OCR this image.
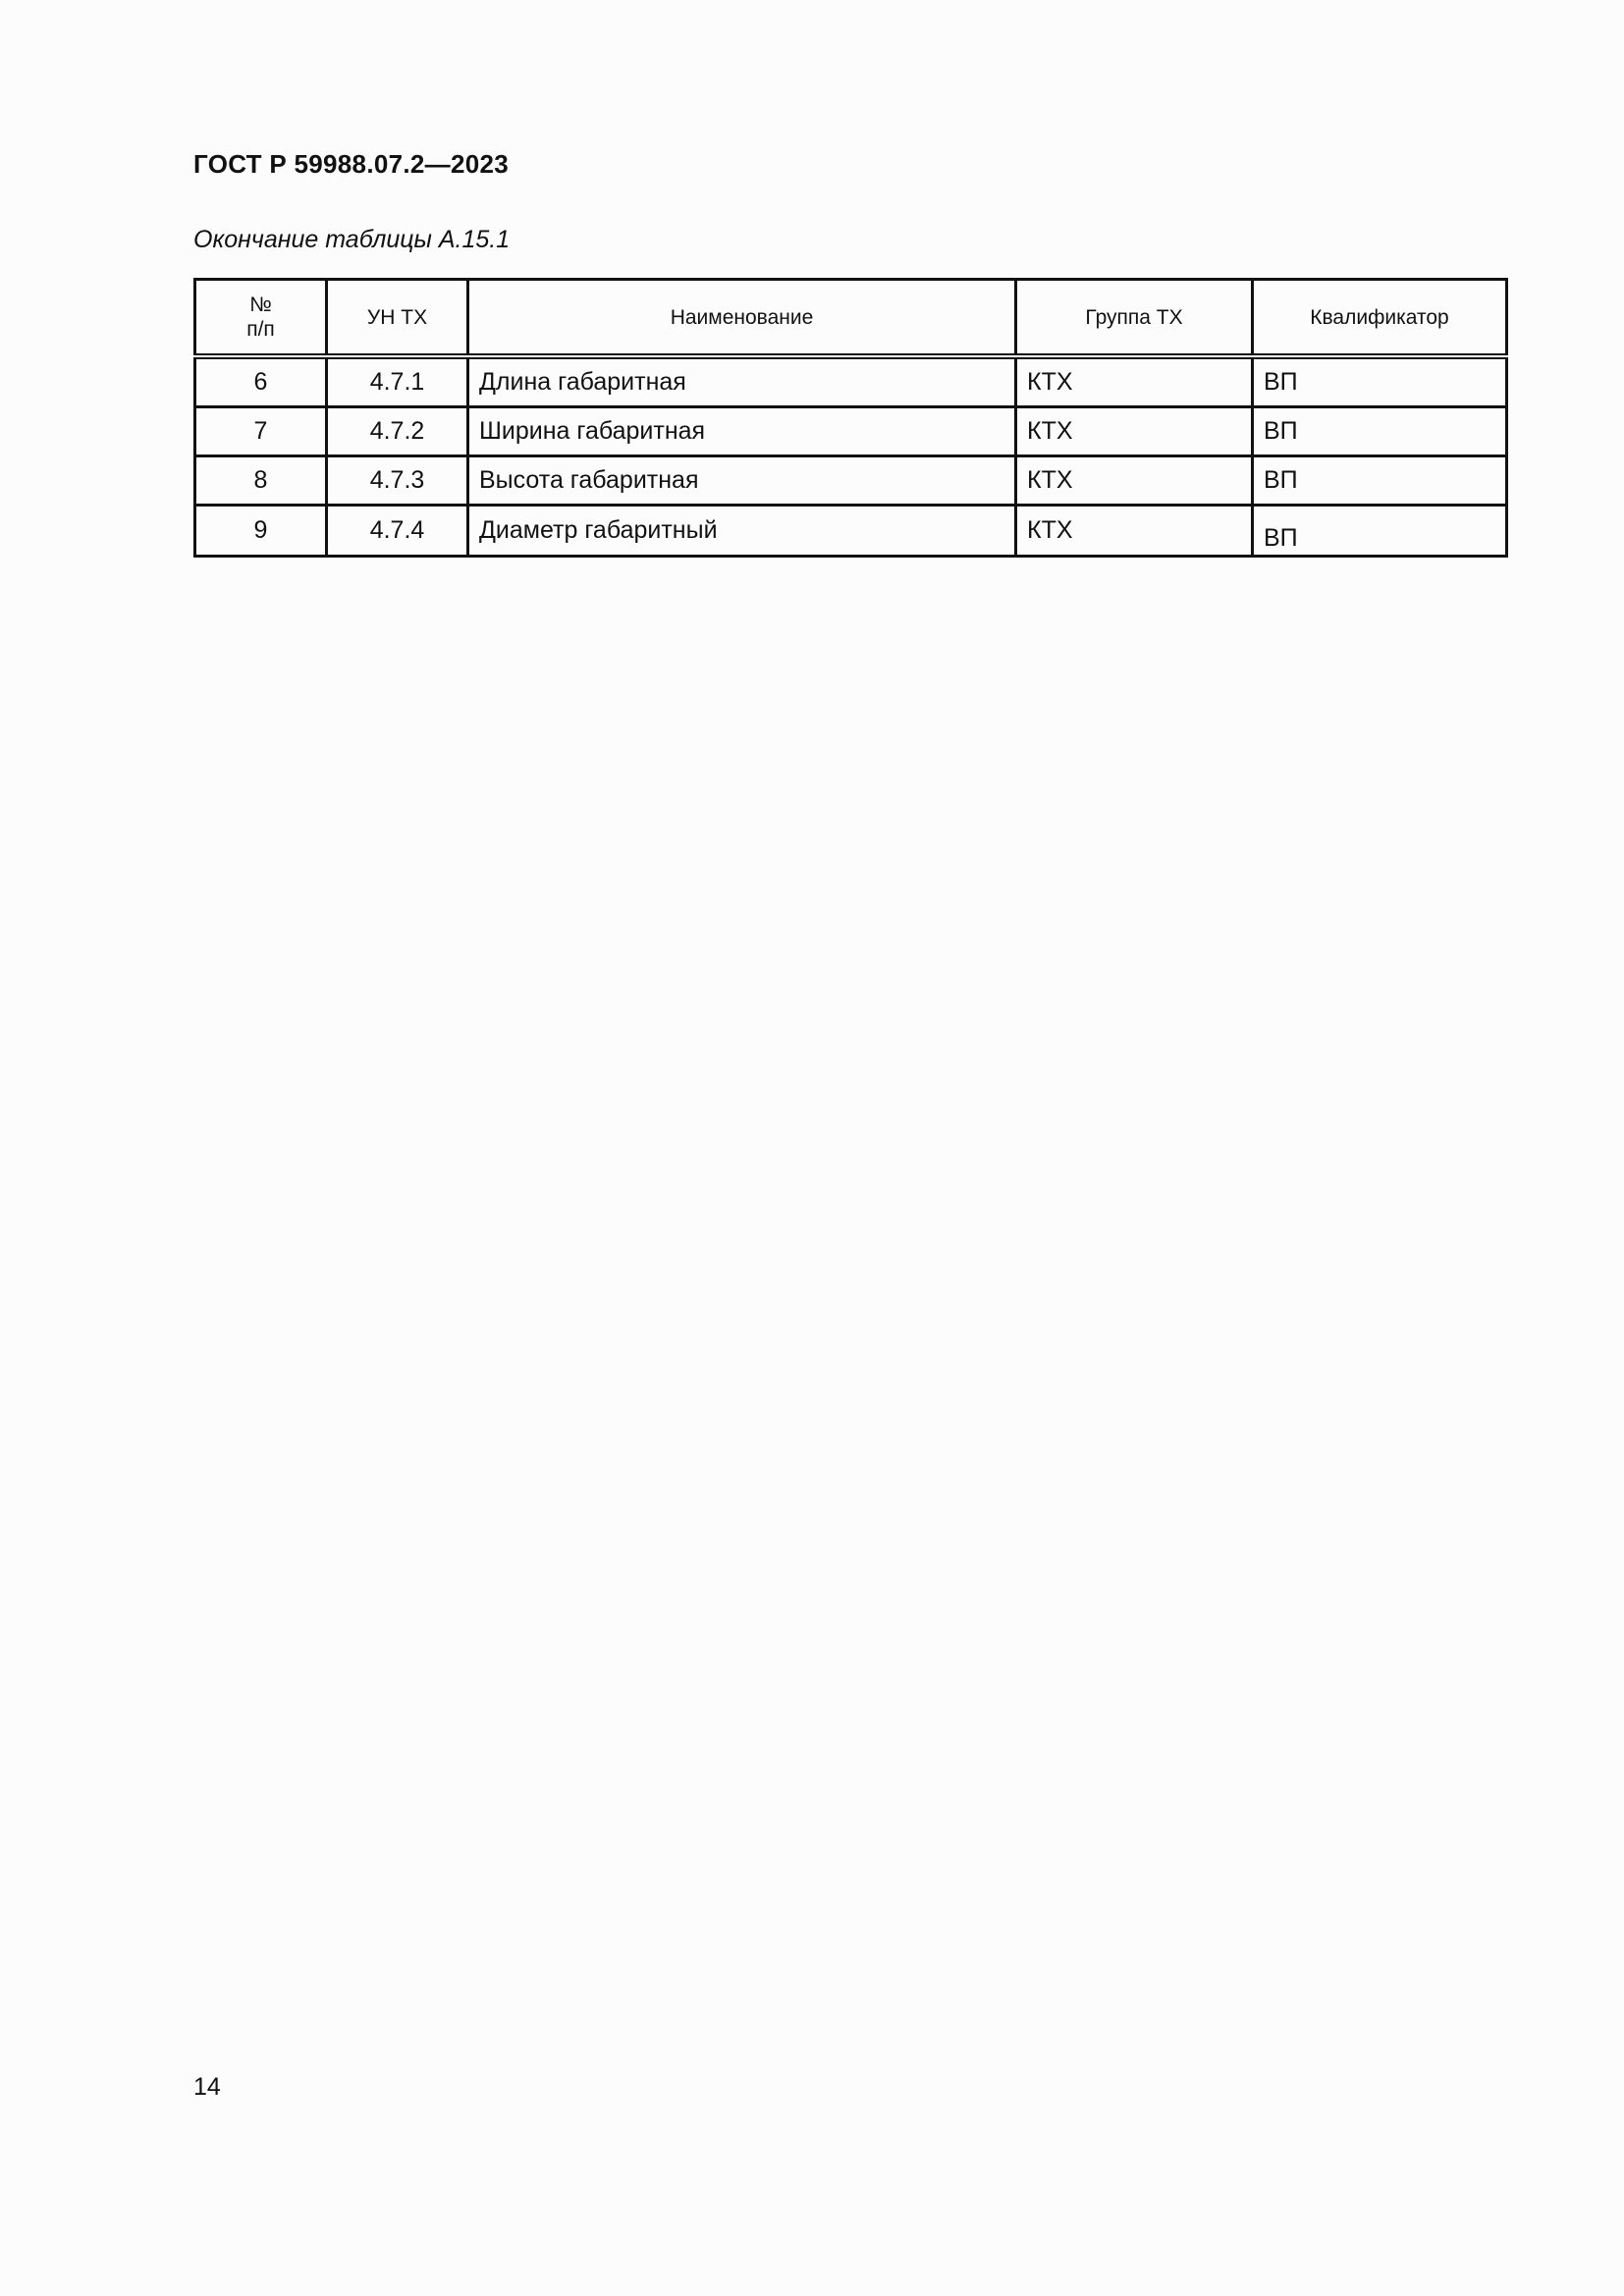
ГОСТ Р 59988.07.2—2023
Окончание таблицы А.15.1
№
п/п	УН ТХ	Наименование	Группа ТХ	Квалификатор
6	4.7.1	Длина габаритная	КТХ	ВП
7	4.7.2	Ширина габаритная	КТХ	ВП
8	4.7.3	Высота габаритная	КТХ	ВП
9	4.7.4	Диаметр габаритный	КТХ	ВП
14
